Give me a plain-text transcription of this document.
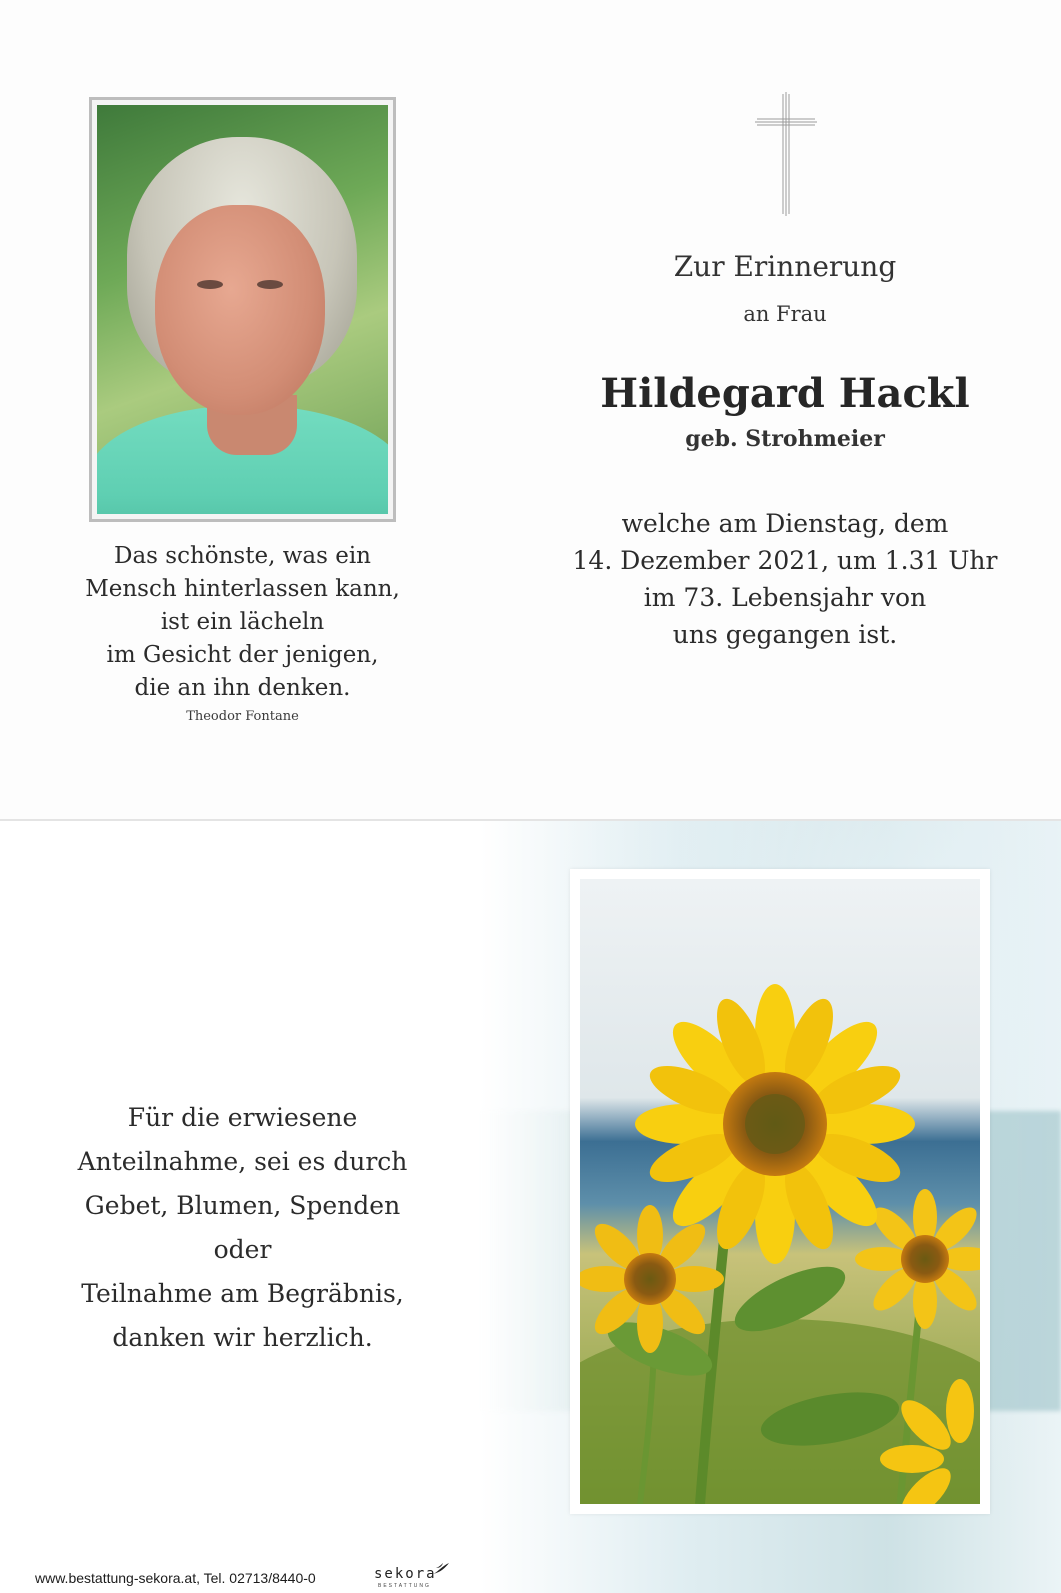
Das schönste, was ein

Mensch hinterlassen kann,

ist ein lächeln

im Gesicht der jenigen,

die an ihn denken.

Theodor Fontane
Zur Erinnerung
an Frau
Hildegard Hackl
geb. Strohmeier

welche am Dienstag, dem

14. Dezember 2021, um 1.31 Uhr

im 73. Lebensjahr von

uns gegangen ist.

Für die erwiesene

Anteilnahme, sei es durch

Gebet, Blumen, Spenden oder

Teilnahme am Begräbnis,

danken wir herzlich.

www.bestattung-sekora.at, Tel. 02713/8440-0	sekora
BESTATTUNG
